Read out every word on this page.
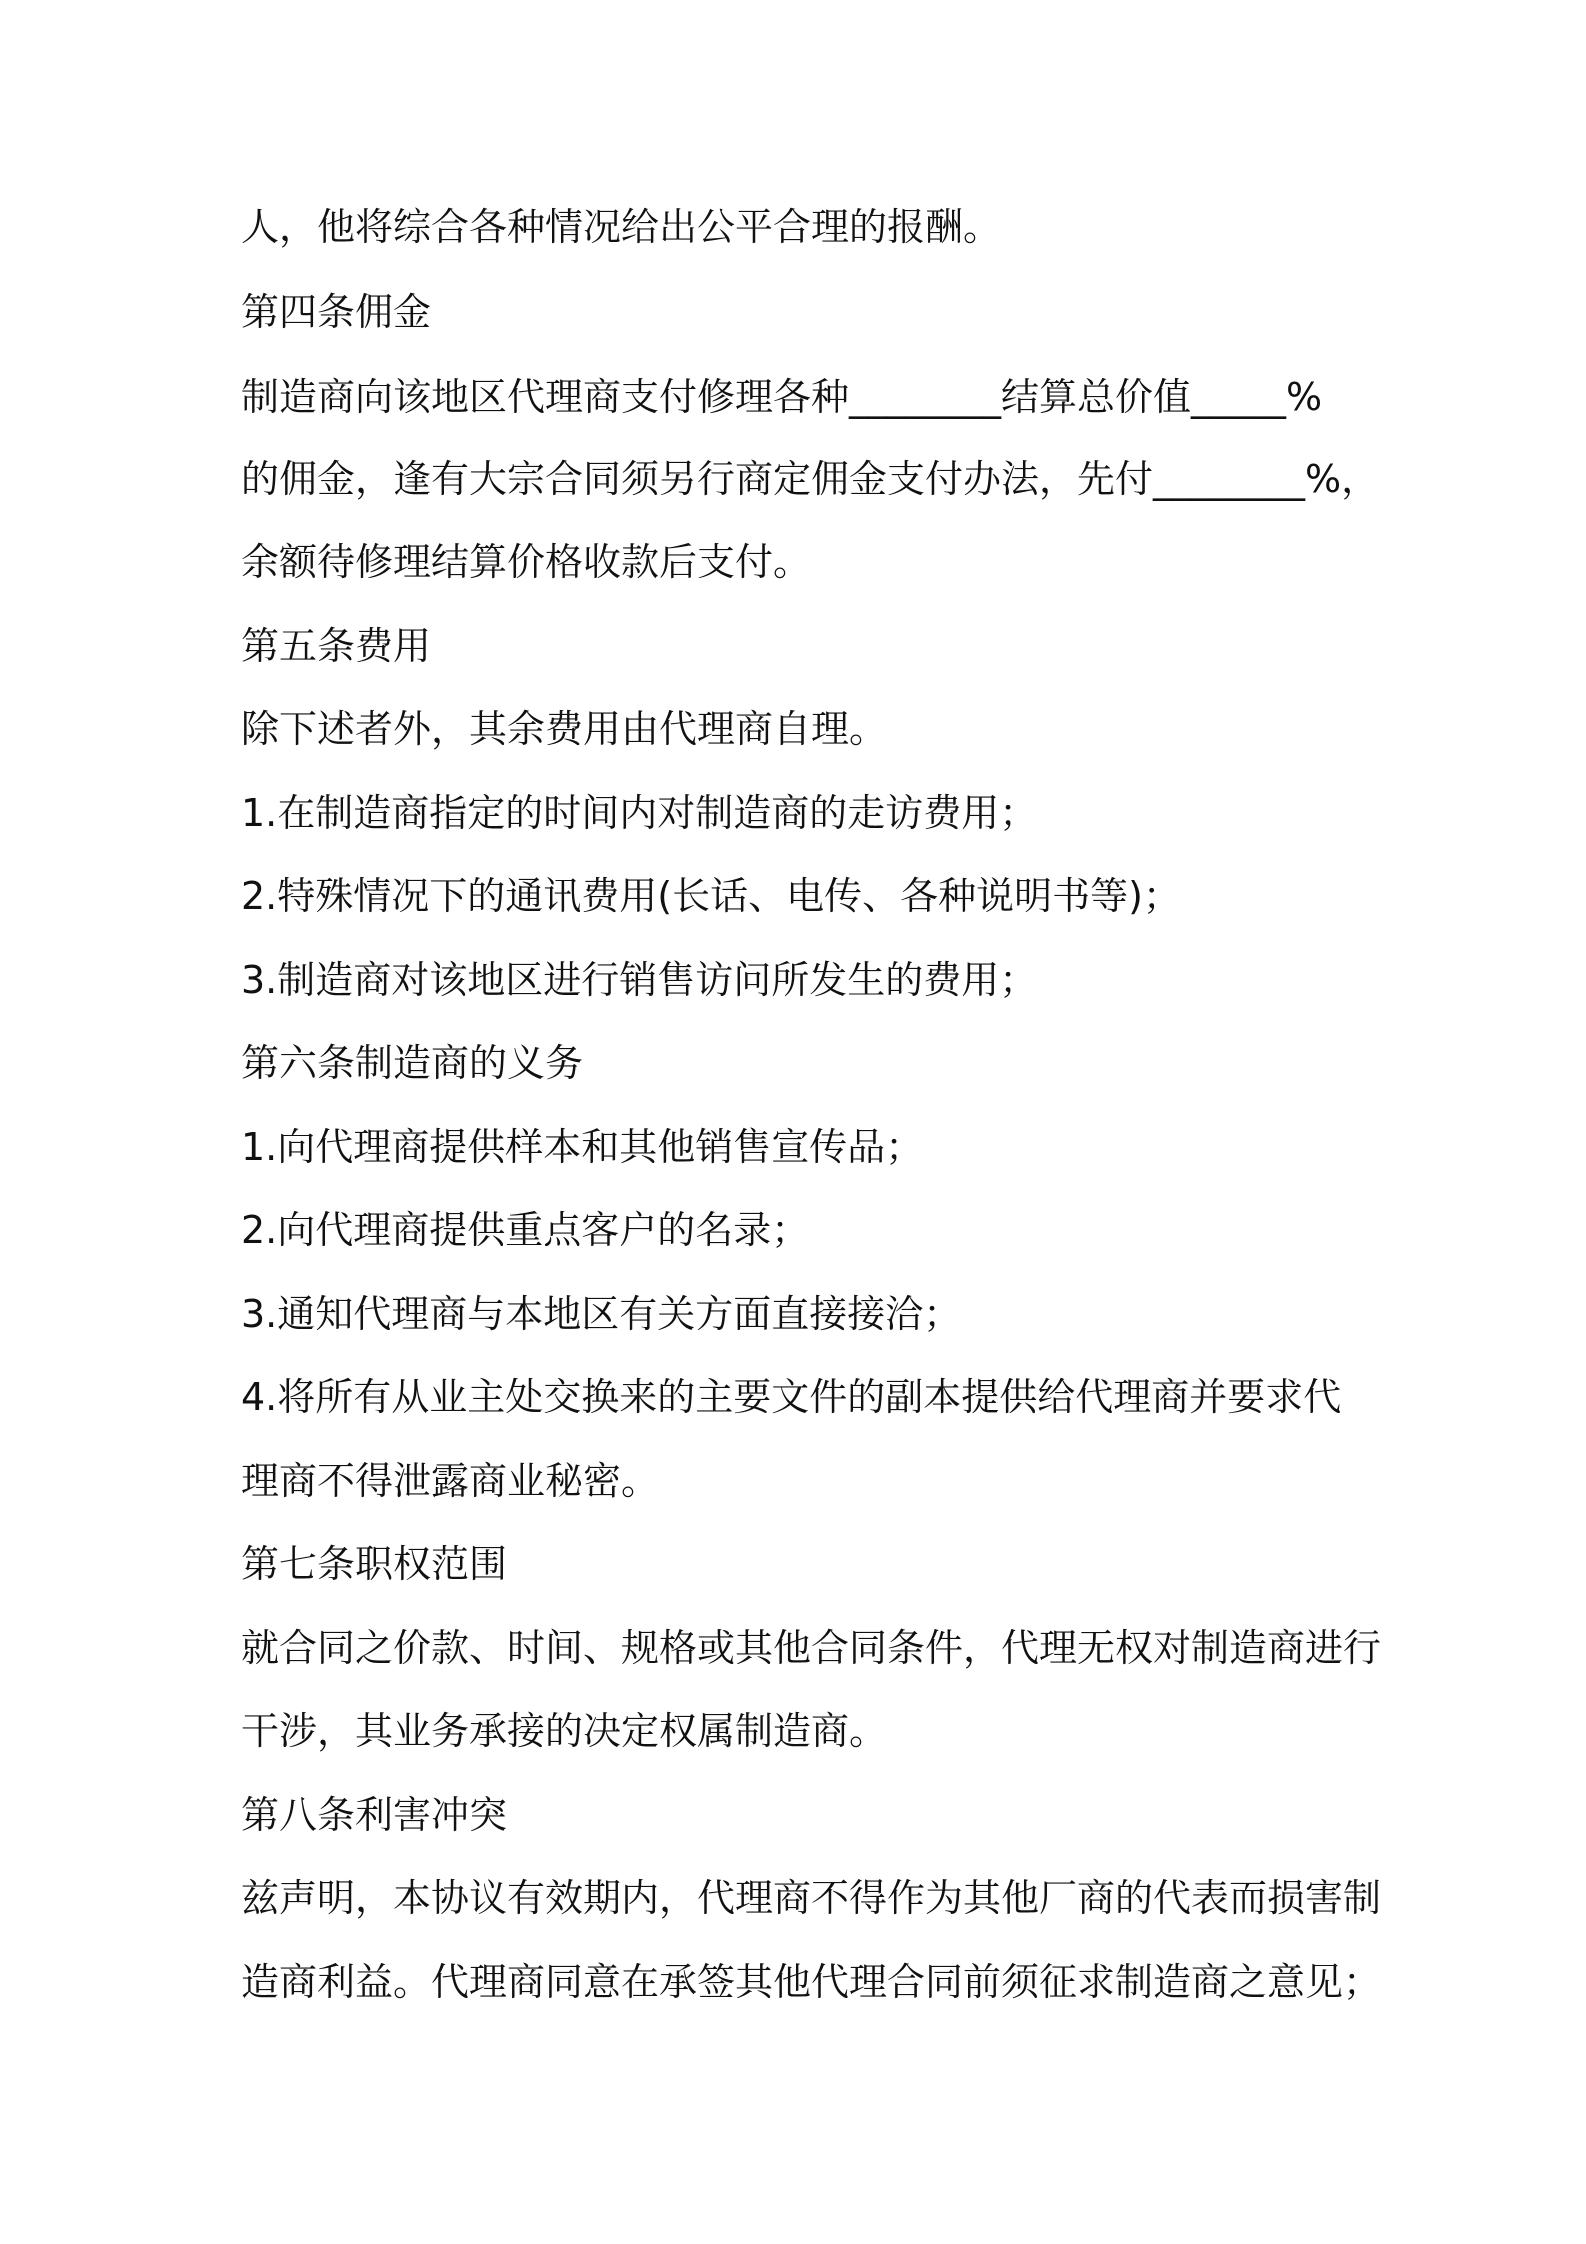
人，他将综合各种情况给出公平合理的报酬。

第四条佣金

制造商向该地区代理商支付修理各种________结算总价值_____%

的佣金，逢有大宗合同须另行商定佣金支付办法，先付________%，

余额待修理结算价格收款后支付。

第五条费用

除下述者外，其余费用由代理商自理。

1.在制造商指定的时间内对制造商的走访费用；

2.特殊情况下的通讯费用(长话、电传、各种说明书等)；

3.制造商对该地区进行销售访问所发生的费用；

第六条制造商的义务

1.向代理商提供样本和其他销售宣传品；

2.向代理商提供重点客户的名录；

3.通知代理商与本地区有关方面直接接洽；

4.将所有从业主处交换来的主要文件的副本提供给代理商并要求代

理商不得泄露商业秘密。

第七条职权范围

就合同之价款、时间、规格或其他合同条件，代理无权对制造商进行

干涉，其业务承接的决定权属制造商。

第八条利害冲突

兹声明，本协议有效期内，代理商不得作为其他厂商的代表而损害制

造商利益。代理商同意在承签其他代理合同前须征求制造商之意见；
